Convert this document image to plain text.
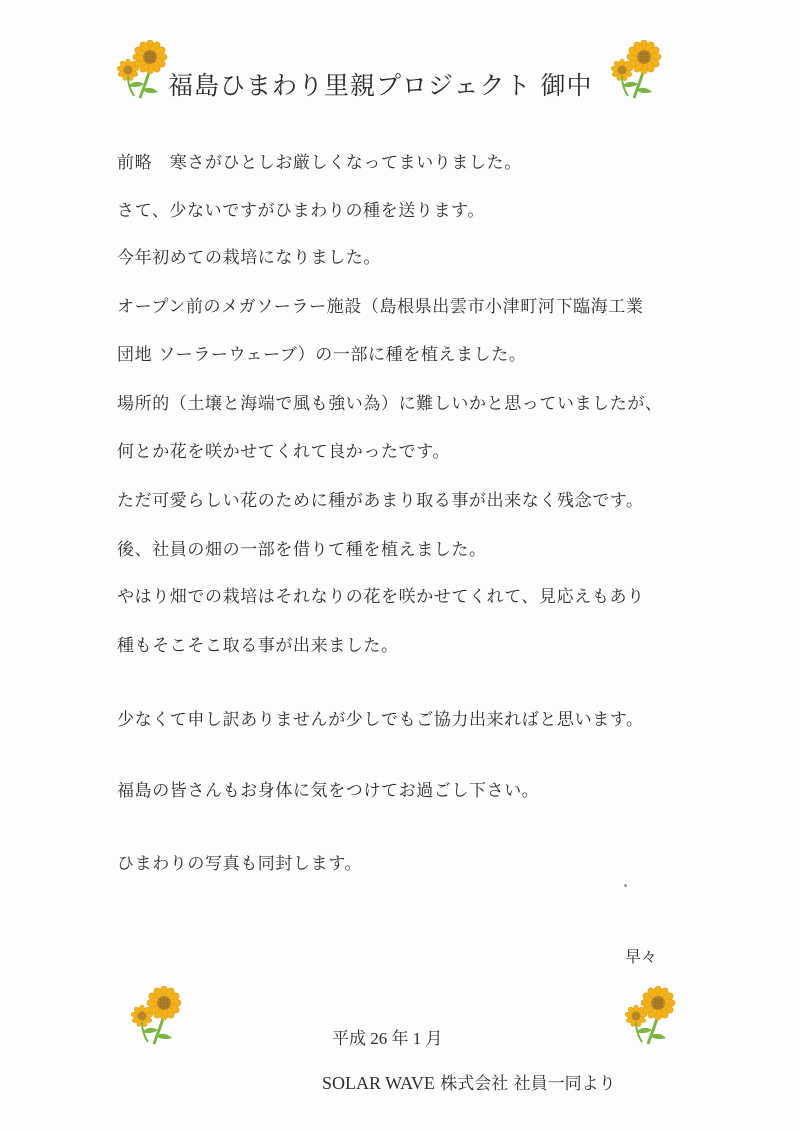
福島ひまわり里親プロジェクト 御中
前略　寒さがひとしお厳しくなってまいりました。
さて、少ないですがひまわりの種を送ります。
今年初めての栽培になりました。
オープン前のメガソーラー施設（島根県出雲市小津町河下臨海工業
団地 ソーラーウェーブ）の一部に種を植えました。
場所的（土壌と海端で風も強い為）に難しいかと思っていましたが、
何とか花を咲かせてくれて良かったです。
ただ可愛らしい花のために種があまり取る事が出来なく残念です。
後、社員の畑の一部を借りて種を植えました。
やはり畑での栽培はそれなりの花を咲かせてくれて、見応えもあり
種もそこそこ取る事が出来ました。
少なくて申し訳ありませんが少しでもご協力出来ればと思います。
福島の皆さんもお身体に気をつけてお過ごし下さい。
ひまわりの写真も同封します。
早々
平成 26 年 1 月
SOLAR WAVE 株式会社 社員一同より
